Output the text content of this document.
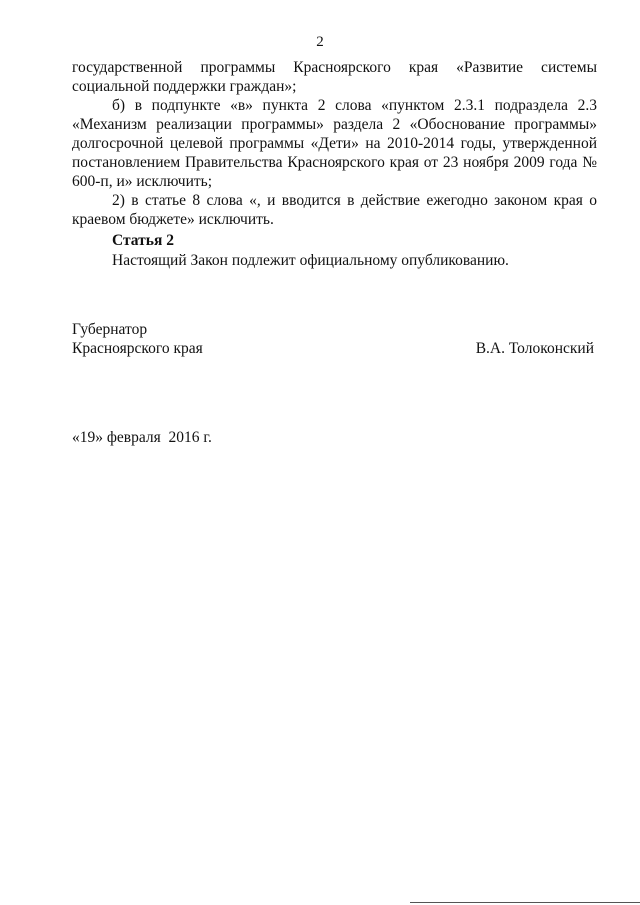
2

государственной программы Красноярского края «Развитие системы социальной поддержки граждан»;

б) в подпункте «в» пункта 2 слова «пунктом 2.3.1 подраздела 2.3 «Механизм реализации программы» раздела 2 «Обоснование программы» долгосрочной целевой программы «Дети» на 2010-2014 годы, утвержденной постановлением Правительства Красноярского края от 23 ноября 2009 года № 600-п, и» исключить;

2) в статье 8 слова «, и вводится в действие ежегодно законом края о краевом бюджете» исключить.

Статья 2

Настоящий Закон подлежит официальному опубликованию.

Губернатор
Красноярского края	В.А. Толоконский

«19» февраля  2016 г.
